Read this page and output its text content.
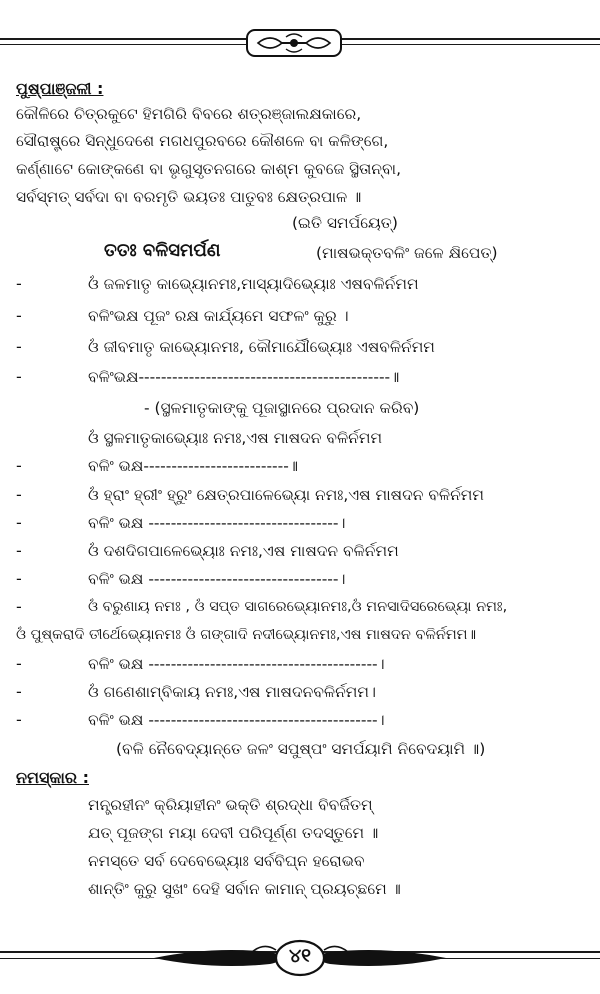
ପୁଷ୍ପାଞ୍ଜଳୀ :
କୌଳିରେ ଚିତ୍ରକୁଟେ ହିମଗିରି ବିବରେ ଶତ୍ରଞ୍ଜାଲକ୍ଷକାରେ,
ସୌରାଷ୍ଟ୍ରେ ସିନ୍ଧୁଦେଶେ ମଗଧପୁରବରେ କୌଶଳେ ବା କଳିଙ୍ଗେ,
କର୍ଣ୍ଣାଟେ କୋଙ୍କଣେ ବା ଭୃଗୁସୃତନଗରେ କାଶ୍ମ କୁବଜେ ସ୍ଥିତାନ୍‌ବା,
ସର୍ବସ୍ମତ୍ ସର୍ବଦା ବା ବରମୃତି ଭୟତଃ ପାତୁବଃ କ୍ଷେତ୍ରପାଳ ॥
(ଇତି ସମର୍ପୟେତ୍)
ତତଃ ବଳିସମର୍ପଣ	(ମାଷଭକ୍ତବଳିଂ ଜଳେ କ୍ଷିପେତ୍)
-	ଓଁ ଜଳମାତୃ କାଭ୍ୟୋନମଃ,ମାସ୍ୟାଦିଭ୍ୟୋଃ ଏଷବଳିର୍ନମମ
-	ବଳିଂଭକ୍ଷ ପୂଜଂ ରକ୍ଷ କାର୍ଯ୍ୟମେ ସଫଳଂ କୁରୁ ।
-	ଓଁ ଜୀବମାତୃ କାଭ୍ୟୋନମଃ, କୌମାର୍ଯୌଭ୍ୟୋଃ ଏଷବଳିର୍ନମମ
-	ବଳିଂଭକ୍ଷ---------------------------------------------॥
- (ସ୍ଥଳମାତୃକାଙ୍କୁ ପୂଜାସ୍ଥାନରେ ପ୍ରଦାନ କରିବ)
ଓଁ ସ୍ଥଳମାତୃକାଭ୍ୟୋଃ ନମଃ,ଏଷ ମାଷଦନ ବଳିର୍ନମମ
-	ବଳିଂ ଭକ୍ଷ--------------------------॥
-	ଓଁ ହ୍ରାଂ ହ୍ରୀଂ ହ୍ରୁଂ କ୍ଷେତ୍ରପାଳେଭ୍ୟୋ ନମଃ,ଏଷ ମାଷଦନ ବଳିର୍ନମମ
-	ବଳିଂ ଭକ୍ଷ ----------------------------------।
-	ଓଁ ଦଶଦିଗପାଳେଭ୍ୟୋଃ ନମଃ,ଏଷ ମାଷଦନ ବଳିର୍ନମମ
-	ବଳିଂ ଭକ୍ଷ ----------------------------------।
-	ଓଁ ବରୁଣାୟ ନମଃ , ଓଁ ସପ୍ତ ସାଗରେଭ୍ୟୋନମଃ,ଓଁ ମନସାଦିସରେଭ୍ୟୋ ନମଃ,
ଓଁ ପୁଷ୍କରାଦି ତୀର୍ଥେଭ୍ୟୋନମଃ ଓଁ ଗଙ୍ଗାଦି ନଦୀଭ୍ୟୋନମଃ,ଏଷ ମାଷଦନ ବଳିର୍ନମମ॥
-	ବଳିଂ ଭକ୍ଷ -----------------------------------------।
-	ଓଁ ଗଣେଶାମ୍ବିକାୟ ନମଃ,ଏଷ ମାଷଦନବଳିର୍ନମମ।
-	ବଳିଂ ଭକ୍ଷ -----------------------------------------।
(ବଳି ନୈବେଦ୍ୟାନ୍ତେ ଜଳଂ ସପୁଷ୍ପଂ ସମର୍ପୟାମି ନିବେଦୟାମି ॥)
ନମସ୍କାର :
ମନ୍ତ୍ରହୀନଂ କ୍ରିୟାହୀନଂ ଭକ୍ତି ଶ୍ରଦ୍ଧା ବିବର୍ଜିତମ୍
ଯତ୍ ପୂଜଙ୍ଗ ମୟା ଦେବୀ ପରିପୂର୍ଣ୍ଣ ତଦସ୍ତୁମେ ॥
ନମସ୍ତେ ସର୍ବ ଦେବେଭ୍ୟୋଃ ସର୍ବବିଘ୍ନ ହରୋଭବ
ଶାନ୍ତିଂ କୁରୁ ସୁଖଂ ଦେହି ସର୍ବାନ କାମାନ୍ ପ୍ରୟଚ୍ଛମେ ॥
୪୧
